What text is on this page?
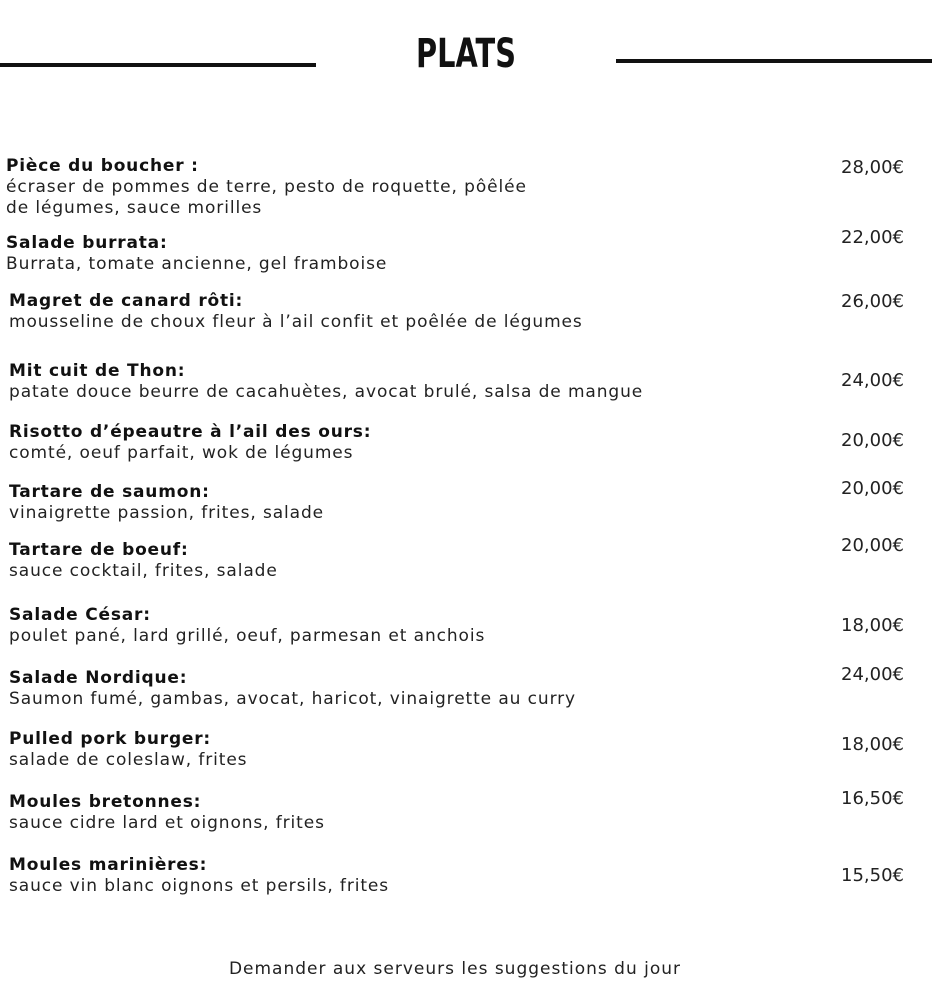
PLATS
Pièce du boucher :
écraser de pommes de terre, pesto de roquette, pôêlée
de légumes, sauce morilles
28,00€
Salade burrata:
Burrata, tomate ancienne, gel framboise
22,00€
Magret de canard rôti:
mousseline de choux fleur à l’ail confit et poêlée de légumes
26,00€
Mit cuit de Thon:
patate douce beurre de cacahuètes, avocat brulé, salsa de mangue
24,00€
Risotto d’épeautre à l’ail des ours:
comté, oeuf parfait, wok de légumes
20,00€
Tartare de saumon:
vinaigrette passion, frites, salade
20,00€
Tartare de boeuf:
sauce cocktail, frites, salade
20,00€
Salade César:
poulet pané, lard grillé, oeuf, parmesan et anchois	18,00€
Salade Nordique:
Saumon fumé, gambas, avocat, haricot, vinaigrette au curry
24,00€
Pulled pork burger:
salade de coleslaw, frites
18,00€
Moules bretonnes:
sauce cidre lard et oignons, frites
16,50€
Moules marinières:
sauce vin blanc oignons et persils, frites	15,50€
Demander aux serveurs les suggestions du jour
